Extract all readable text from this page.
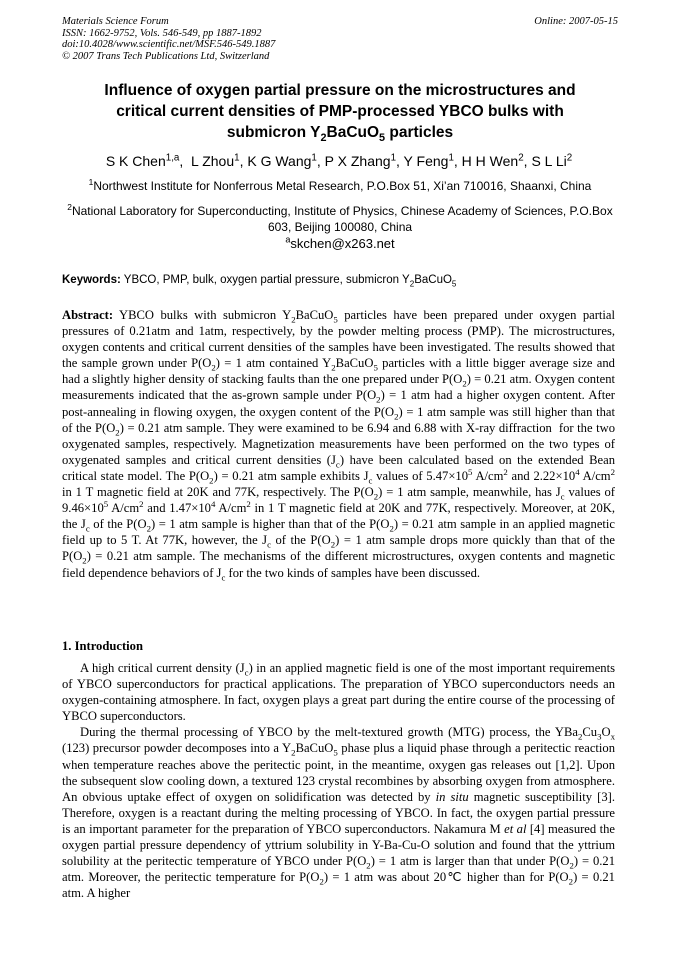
Materials Science Forum	Online: 2007-05-15
ISSN: 1662-9752, Vols. 546-549, pp 1887-1892
doi:10.4028/www.scientific.net/MSF.546-549.1887
© 2007 Trans Tech Publications Ltd, Switzerland
Influence of oxygen partial pressure on the microstructures and
critical current densities of PMP-processed YBCO bulks with
submicron $Y_2BaCuO_5$ particles
S K Chen$^{1,a}$,  L Zhou$^1$, K G Wang$^1$, P X Zhang$^1$, Y Feng$^1$, H H Wen$^2$, S L Li$^2$
$^1$Northwest Institute for Nonferrous Metal Research, P.O.Box 51, Xi’an 710016, Shaanxi, China
$^2$National Laboratory for Superconducting, Institute of Physics, Chinese Academy of Sciences, P.O.Box 603, Beijing 100080, China
$^a$skchen@x263.net
Keywords: YBCO, PMP, bulk, oxygen partial pressure, submicron $Y_2BaCuO_5$
Abstract: YBCO bulks with submicron $Y_2BaCuO_5$ particles have been prepared under oxygen partial pressures of 0.21atm and 1atm, respectively, by the powder melting process (PMP). The microstructures, oxygen contents and critical current densities of the samples have been investigated. The results showed that the sample grown under $P(O_2) = 1$ atm contained $Y_2BaCuO_5$ particles with a little bigger average size and had a slightly higher density of stacking faults than the one prepared under $P(O_2) = 0.21$ atm. Oxygen content measurements indicated that the as-grown sample under $P(O_2) = 1$ atm had a higher oxygen content. After post-annealing in flowing oxygen, the oxygen content of the $P(O_2) = 1$ atm sample was still higher than that of the $P(O_2) = 0.21$ atm sample. They were examined to be 6.94 and 6.88 with X-ray diffraction  for the two oxygenated samples, respectively. Magnetization measurements have been performed on the two types of oxygenated samples and critical current densities $(J_c)$ have been calculated based on the extended Bean critical state model. The $P(O_2) = 0.21$ atm sample exhibits $J_c$ values of $5.47\times 10^5$ $A/cm^2$ and $2.22\times 10^4$ $A/cm^2$ in 1 T magnetic field at 20K and 77K, respectively. The $P(O_2) = 1$ atm sample, meanwhile, has $J_c$ values of $9.46\times 10^5$ $A/cm^2$ and $1.47\times 10^4$ $A/cm^2$ in 1 T magnetic field at 20K and 77K, respectively. Moreover, at 20K, the $J_c$ of the $P(O_2) = 1$ atm sample is higher than that of the $P(O_2) = 0.21$ atm sample in an applied magnetic field up to 5 T. At 77K, however, the $J_c$ of the $P(O_2) = 1$ atm sample drops more quickly than that of the $P(O_2) = 0.21$ atm sample. The mechanisms of the different microstructures, oxygen contents and magnetic field dependence behaviors of $J_c$ for the two kinds of samples have been discussed.
1. Introduction

A high critical current density $(J_c)$ in an applied magnetic field is one of the most important requirements of YBCO superconductors for practical applications. The preparation of YBCO superconductors needs an oxygen-containing atmosphere. In fact, oxygen plays a great part during the entire course of the processing of YBCO superconductors.

During the thermal processing of YBCO by the melt-textured growth (MTG) process, the $YBa_2Cu_3O_x$ (123) precursor powder decomposes into a $Y_2BaCuO_5$ phase plus a liquid phase through a peritectic reaction when temperature reaches above the peritectic point, in the meantime, oxygen gas releases out [1,2]. Upon the subsequent slow cooling down, a textured 123 crystal recombines by absorbing oxygen from atmosphere. An obvious uptake effect of oxygen on solidification was detected by in situ magnetic susceptibility [3]. Therefore, oxygen is a reactant during the melting processing of YBCO. In fact, the oxygen partial pressure is an important parameter for the preparation of YBCO superconductors. Nakamura M et al [4] measured the oxygen partial pressure dependency of yttrium solubility in Y-Ba-Cu-O solution and found that the yttrium solubility at the peritectic temperature of YBCO under $P(O_2) = 1$ atm is larger than that under $P(O_2) = 0.21$ atm. Moreover, the peritectic temperature for $P(O_2) = 1$ atm was about 20℃ higher than for $P(O_2) = 0.21$ atm. A higher
